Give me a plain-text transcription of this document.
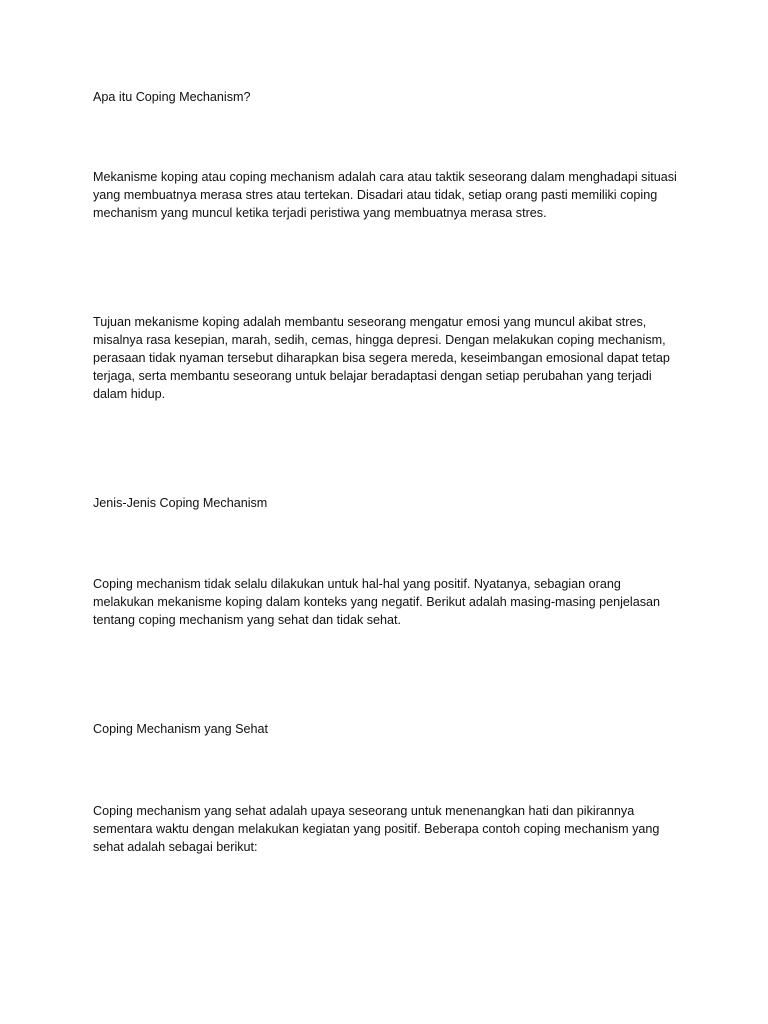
Apa itu Coping Mechanism?

Mekanisme koping atau coping mechanism adalah cara atau taktik seseorang dalam menghadapi situasi yang membuatnya merasa stres atau tertekan. Disadari atau tidak, setiap orang pasti memiliki coping mechanism yang muncul ketika terjadi peristiwa yang membuatnya merasa stres.

Tujuan mekanisme koping adalah membantu seseorang mengatur emosi yang muncul akibat stres, misalnya rasa kesepian, marah, sedih, cemas, hingga depresi. Dengan melakukan coping mechanism, perasaan tidak nyaman tersebut diharapkan bisa segera mereda, keseimbangan emosional dapat tetap terjaga, serta membantu seseorang untuk belajar beradaptasi dengan setiap perubahan yang terjadi dalam hidup.

Jenis-Jenis Coping Mechanism

Coping mechanism tidak selalu dilakukan untuk hal-hal yang positif. Nyatanya, sebagian orang melakukan mekanisme koping dalam konteks yang negatif. Berikut adalah masing-masing penjelasan tentang coping mechanism yang sehat dan tidak sehat.

Coping Mechanism yang Sehat

Coping mechanism yang sehat adalah upaya seseorang untuk menenangkan hati dan pikirannya sementara waktu dengan melakukan kegiatan yang positif. Beberapa contoh coping mechanism yang sehat adalah sebagai berikut:
